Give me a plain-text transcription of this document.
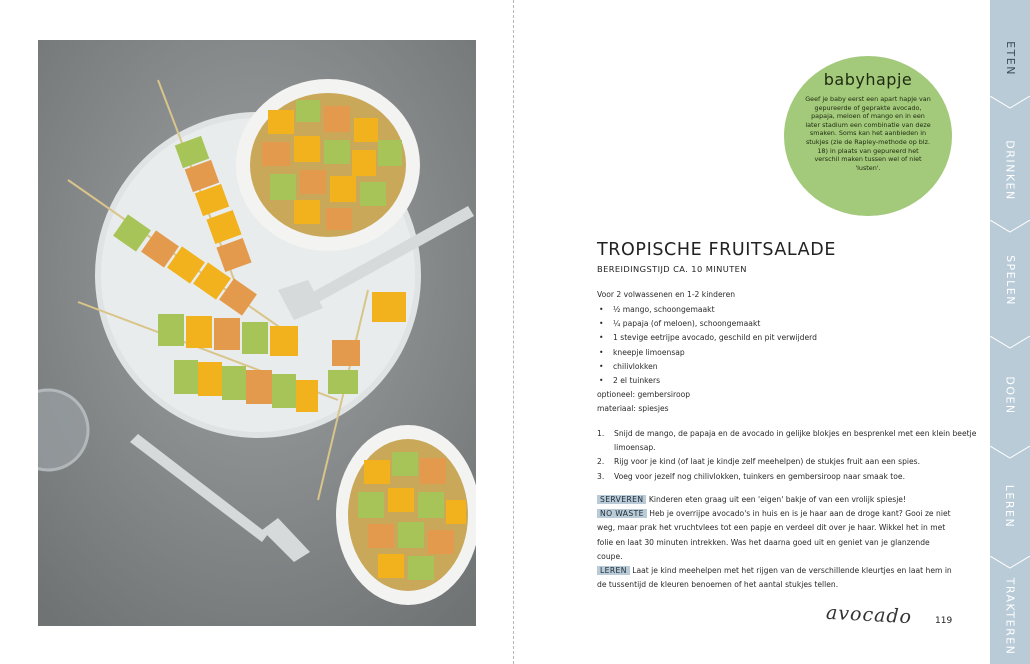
babyhapje
Geef je baby eerst een apart hapje van gepureerde of geprakte avocado, papaja, meloen of mango en in een later stadium een combinatie van deze smaken. Soms kan het aanbieden in stukjes (zie de Rapley-methode op blz. 18) in plaats van gepureerd het verschil maken tussen wel of niet 'lusten'.
TROPISCHE FRUITSALADE
BEREIDINGSTIJD CA. 10 MINUTEN
Voor 2 volwassenen en 1-2 kinderen
• ½ mango, schoongemaakt
• ¼ papaja (of meloen), schoongemaakt
• 1 stevige eetrijpe avocado, geschild en pit verwijderd
• kneepje limoensap
• chilivlokken
• 2 el tuinkers
optioneel: gembersiroop
materiaal: spiesjes
1.	Snijd de mango, de papaja en de avocado in gelijke blokjes en besprenkel met een klein beetje limoensap.
2.	Rijg voor je kind (of laat je kindje zelf meehelpen) de stukjes fruit aan een spies.
3.	Voeg voor jezelf nog chilivlokken, tuinkers en gembersiroop naar smaak toe.
SERVEREN Kinderen eten graag uit een 'eigen' bakje of van een vrolijk spiesje!
NO WASTE Heb je overrijpe avocado's in huis en is je haar aan de droge kant? Gooi ze niet weg, maar prak het vruchtvlees tot een papje en verdeel dit over je haar. Wikkel het in met folie en laat 30 minuten intrekken. Was het daarna goed uit en geniet van je glanzende coupe.
LEREN Laat je kind meehelpen met het rijgen van de verschillende kleurtjes en laat hem in de tussentijd de kleuren benoemen of het aantal stukjes tellen.
avocado 119
ETEN
DRINKEN
SPELEN
DOEN
LEREN
TRAKTEREN
